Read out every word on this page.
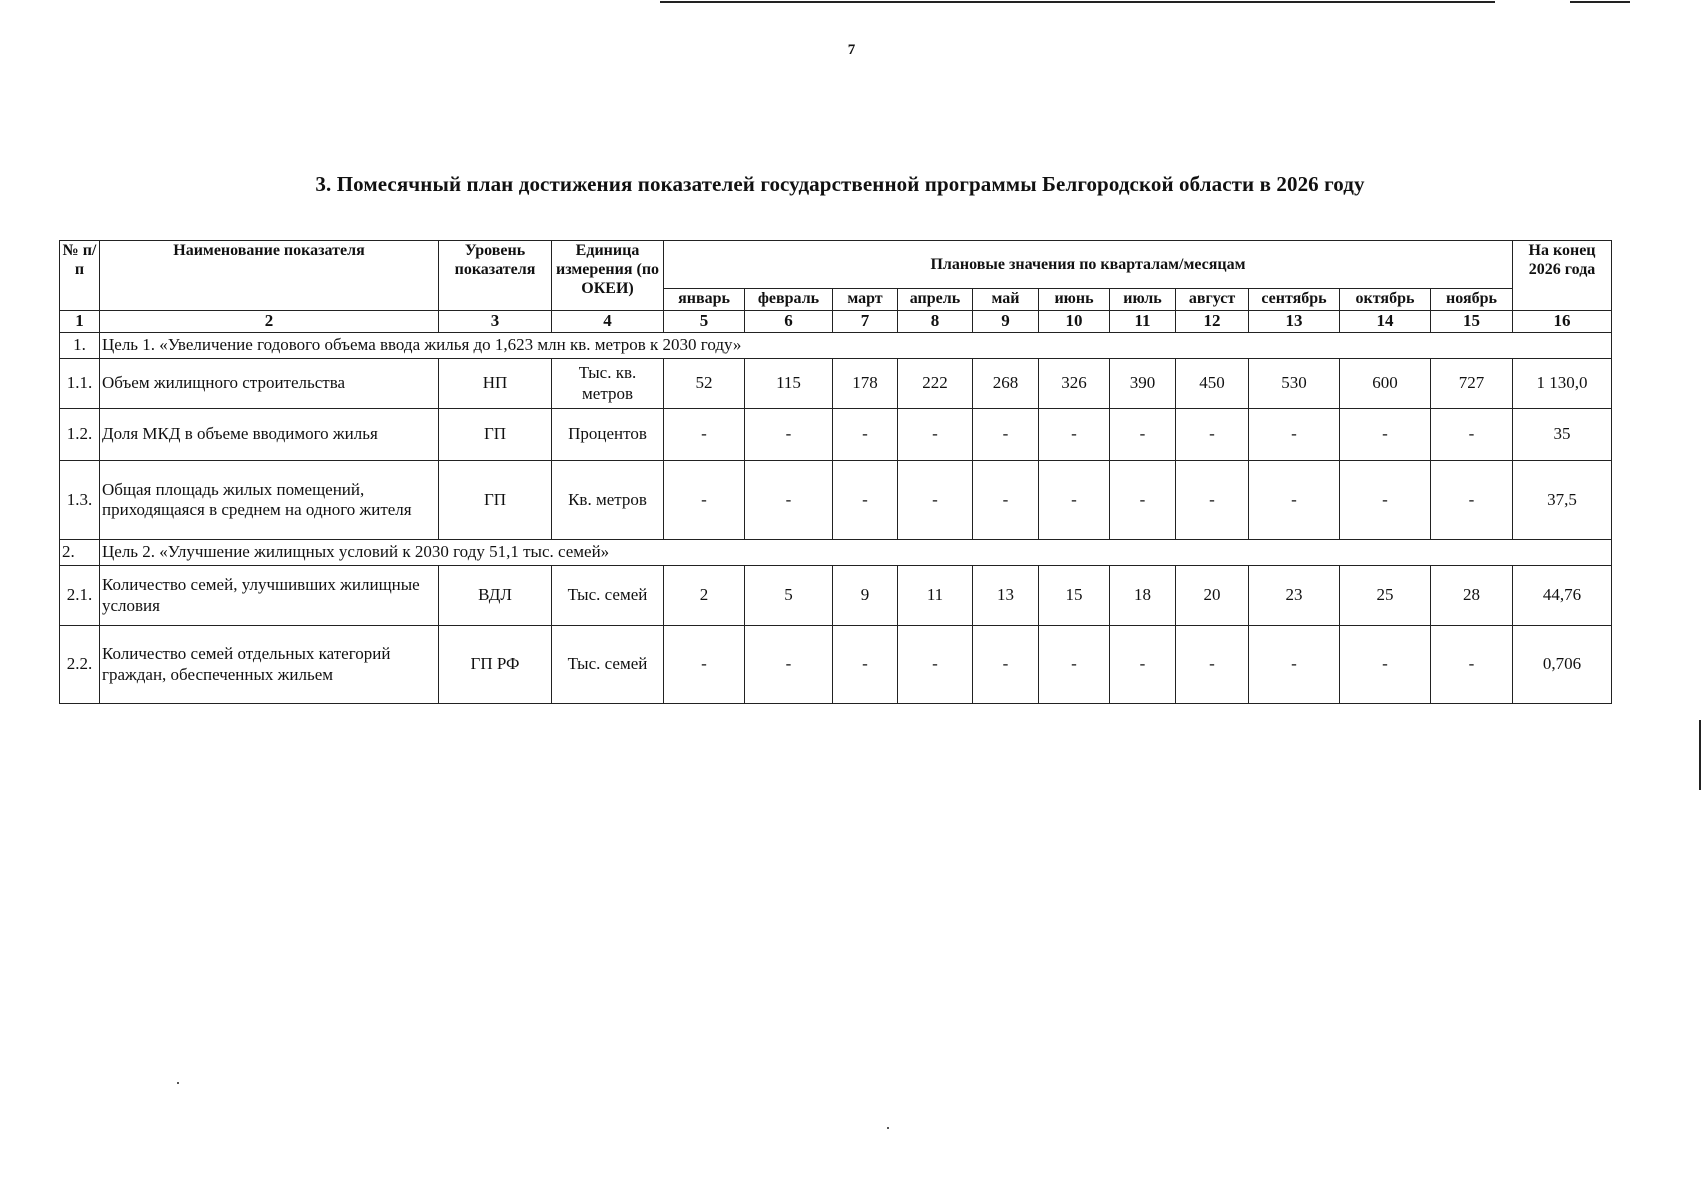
7
3. Помесячный план достижения показателей государственной программы Белгородской области в 2026 году
№ п/п	Наименование показателя	Уровень показателя	Единица измерения (по ОКЕИ)	Плановые значения по кварталам/месяцам											На конец 2026 года
				январь	февраль	март	апрель	май	июнь	июль	август	сентябрь	октябрь	ноябрь	
1	2	3	4	5	6	7	8	9	10	11	12	13	14	15	16
1.	Цель 1. «Увеличение годового объема ввода жилья до 1,623 млн кв. метров к 2030 году»														
1.1.	Объем жилищного строительства	НП	Тыс. кв. метров	52	115	178	222	268	326	390	450	530	600	727	1 130,0
1.2.	Доля МКД в объеме вводимого жилья	ГП	Процентов	-	-	-	-	-	-	-	-	-	-	-	35
1.3.	Общая площадь жилых помещений, приходящаяся в среднем на одного жителя	ГП	Кв. метров	-	-	-	-	-	-	-	-	-	-	-	37,5
2.	Цель 2. «Улучшение жилищных условий к 2030 году 51,1 тыс. семей»														
2.1.	Количество семей, улучшивших жилищные условия	ВДЛ	Тыс. семей	2	5	9	11	13	15	18	20	23	25	28	44,76
2.2.	Количество семей отдельных категорий граждан, обеспеченных жильем	ГП РФ	Тыс. семей	-	-	-	-	-	-	-	-	-	-	-	0,706
